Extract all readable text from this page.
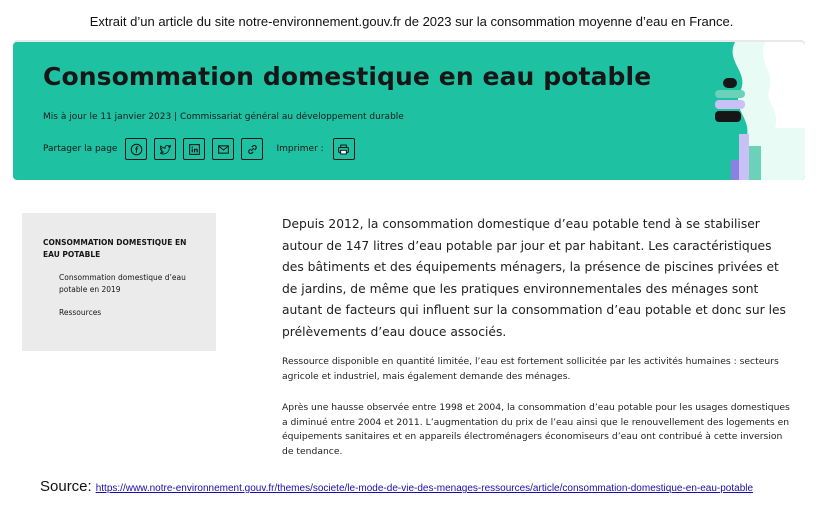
Extrait d’un article du site notre-environnement.gouv.fr de 2023 sur la consommation moyenne d’eau en France.
Consommation domestique en eau potable
Mis à jour le 11 janvier 2023 | Commissariat général au développement durable
Partager la page	Imprimer :
CONSOMMATION DOMESTIQUE EN EAU POTABLE
Consommation domestique d’eau potable en 2019
Ressources

Depuis 2012, la consommation domestique d’eau potable tend à se stabiliser autour de 147 litres d’eau potable par jour et par habitant. Les caractéristiques des bâtiments et des équipements ménagers, la présence de piscines privées et de jardins, de même que les pratiques environnementales des ménages sont autant de facteurs qui influent sur la consommation d’eau potable et donc sur les prélèvements d’eau douce associés.

Ressource disponible en quantité limitée, l’eau est fortement sollicitée par les activités humaines : secteurs agricole et industriel, mais également demande des ménages.

Après une hausse observée entre 1998 et 2004, la consommation d’eau potable pour les usages domestiques a diminué entre 2004 et 2011. L’augmentation du prix de l’eau ainsi que le renouvellement des logements en équipements sanitaires et en appareils électroménagers économiseurs d’eau ont contribué à cette inversion de tendance.

Source: https://www.notre-environnement.gouv.fr/themes/societe/le-mode-de-vie-des-menages-ressources/article/consommation-domestique-en-eau-potable
